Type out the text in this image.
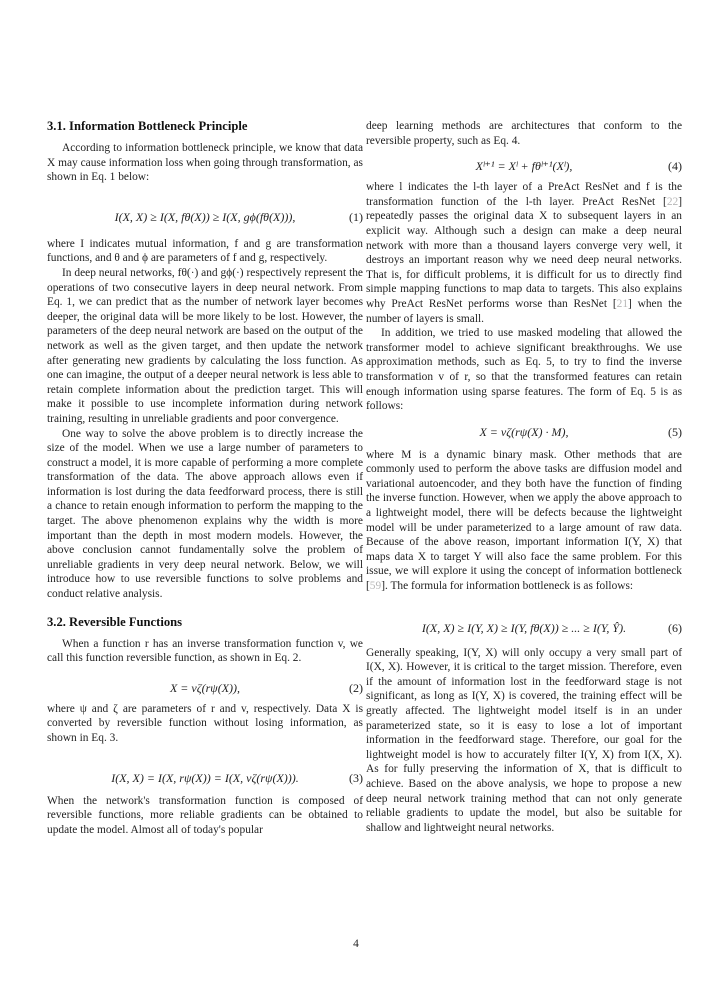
3.1. Information Bottleneck Principle

According to information bottleneck principle, we know that data X may cause information loss when going through transformation, as shown in Eq. 1 below:

I(X, X) ≥ I(X, fθ(X)) ≥ I(X, gϕ(fθ(X))),	(1)

where I indicates mutual information, f and g are transformation functions, and θ and ϕ are parameters of f and g, respectively.

In deep neural networks, fθ(·) and gϕ(·) respectively represent the operations of two consecutive layers in deep neural network. From Eq. 1, we can predict that as the number of network layer becomes deeper, the original data will be more likely to be lost. However, the parameters of the deep neural network are based on the output of the network as well as the given target, and then update the network after generating new gradients by calculating the loss function. As one can imagine, the output of a deeper neural network is less able to retain complete information about the prediction target. This will make it possible to use incomplete information during network training, resulting in unreliable gradients and poor convergence.

One way to solve the above problem is to directly increase the size of the model. When we use a large number of parameters to construct a model, it is more capable of performing a more complete transformation of the data. The above approach allows even if information is lost during the data feedforward process, there is still a chance to retain enough information to perform the mapping to the target. The above phenomenon explains why the width is more important than the depth in most modern models. However, the above conclusion cannot fundamentally solve the problem of unreliable gradients in very deep neural network. Below, we will introduce how to use reversible functions to solve problems and conduct relative analysis.

3.2. Reversible Functions

When a function r has an inverse transformation function v, we call this function reversible function, as shown in Eq. 2.

X = vζ(rψ(X)),	(2)

where ψ and ζ are parameters of r and v, respectively. Data X is converted by reversible function without losing information, as shown in Eq. 3.

I(X, X) = I(X, rψ(X)) = I(X, vζ(rψ(X))).	(3)

When the network's transformation function is composed of reversible functions, more reliable gradients can be obtained to update the model. Almost all of today's popular

deep learning methods are architectures that conform to the reversible property, such as Eq. 4.

Xˡ⁺¹ = Xˡ + fθˡ⁺¹(Xˡ),	(4)

where l indicates the l-th layer of a PreAct ResNet and f is the transformation function of the l-th layer. PreAct ResNet [22] repeatedly passes the original data X to subsequent layers in an explicit way. Although such a design can make a deep neural network with more than a thousand layers converge very well, it destroys an important reason why we need deep neural networks. That is, for difficult problems, it is difficult for us to directly find simple mapping functions to map data to targets. This also explains why PreAct ResNet performs worse than ResNet [21] when the number of layers is small.

In addition, we tried to use masked modeling that allowed the transformer model to achieve significant breakthroughs. We use approximation methods, such as Eq. 5, to try to find the inverse transformation v of r, so that the transformed features can retain enough information using sparse features. The form of Eq. 5 is as follows:

X = vζ(rψ(X) · M),	(5)

where M is a dynamic binary mask. Other methods that are commonly used to perform the above tasks are diffusion model and variational autoencoder, and they both have the function of finding the inverse function. However, when we apply the above approach to a lightweight model, there will be defects because the lightweight model will be under parameterized to a large amount of raw data. Because of the above reason, important information I(Y, X) that maps data X to target Y will also face the same problem. For this issue, we will explore it using the concept of information bottleneck [59]. The formula for information bottleneck is as follows:

I(X, X) ≥ I(Y, X) ≥ I(Y, fθ(X)) ≥ ... ≥ I(Y, Ŷ).	(6)

Generally speaking, I(Y, X) will only occupy a very small part of I(X, X). However, it is critical to the target mission. Therefore, even if the amount of information lost in the feedforward stage is not significant, as long as I(Y, X) is covered, the training effect will be greatly affected. The lightweight model itself is in an under parameterized state, so it is easy to lose a lot of important information in the feedforward stage. Therefore, our goal for the lightweight model is how to accurately filter I(Y, X) from I(X, X). As for fully preserving the information of X, that is difficult to achieve. Based on the above analysis, we hope to propose a new deep neural network training method that can not only generate reliable gradients to update the model, but also be suitable for shallow and lightweight neural networks.

4
